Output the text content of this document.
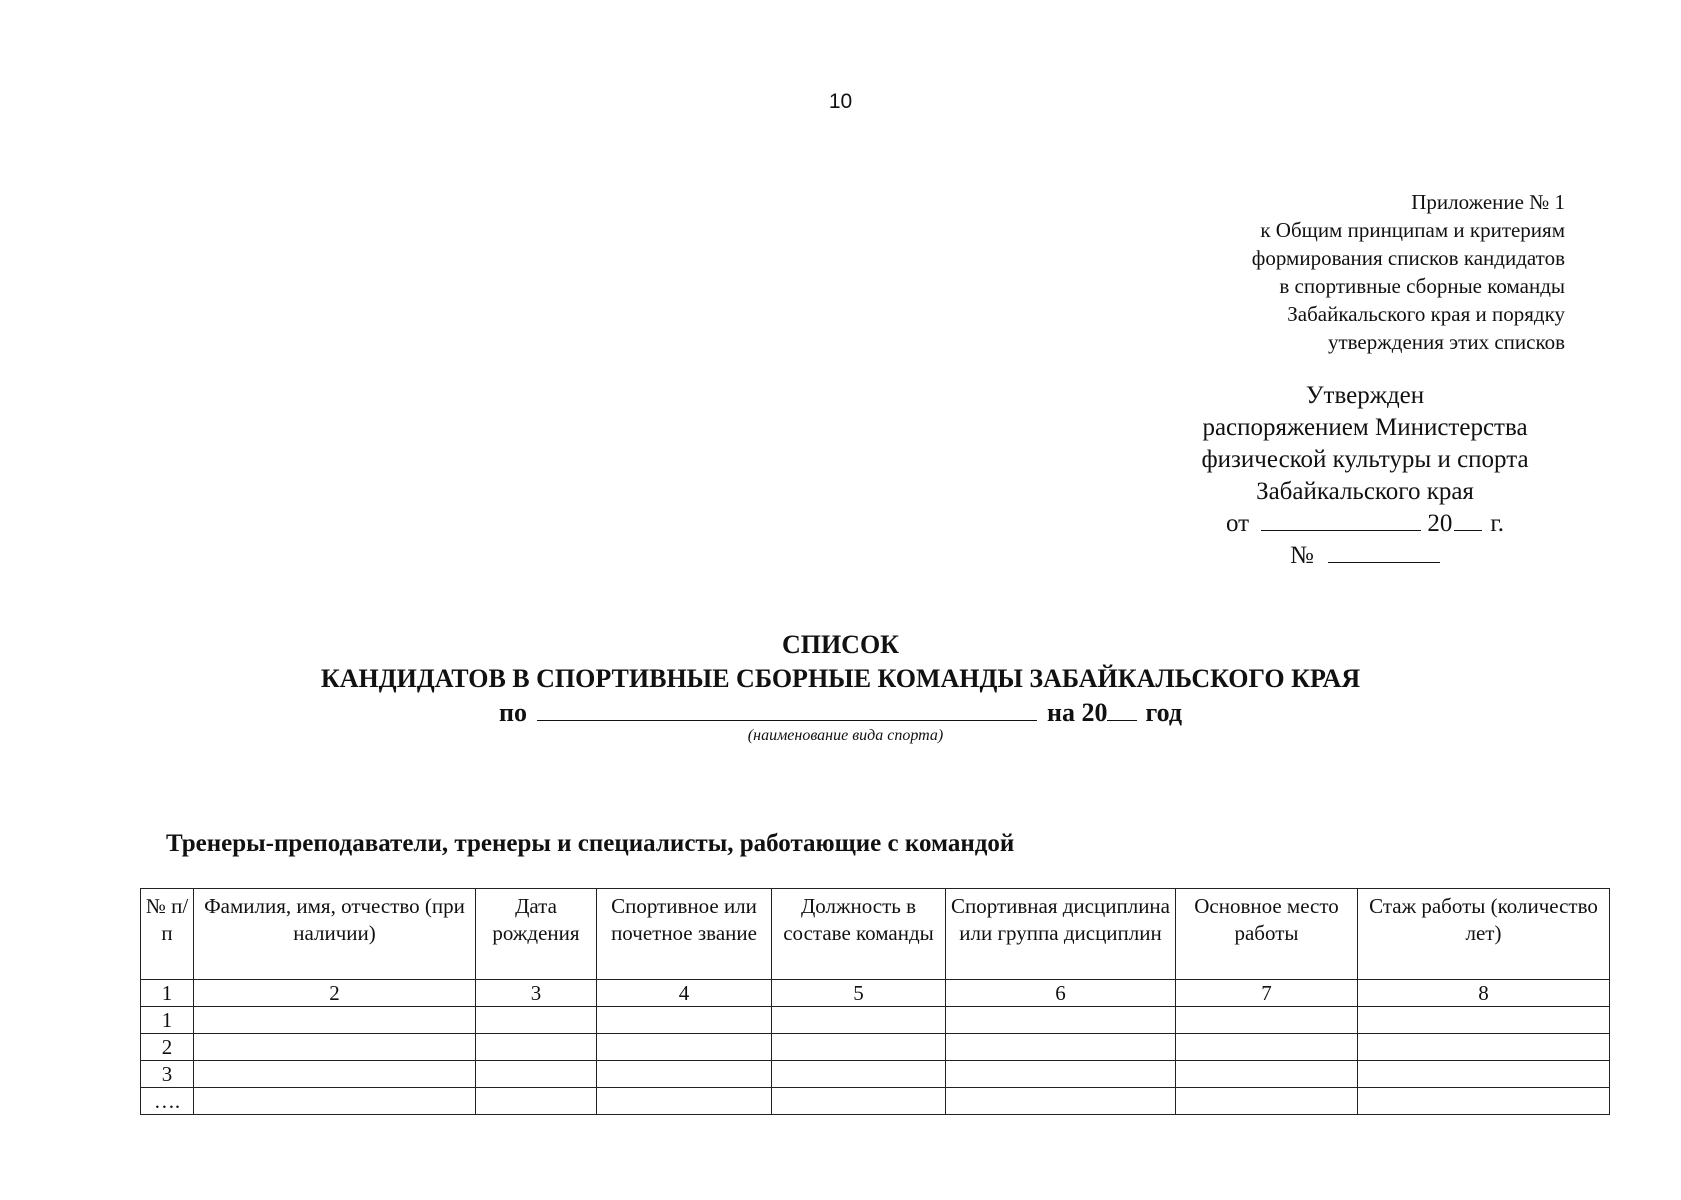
10
Приложение № 1
к Общим принципам и критериям
формирования списков кандидатов
в спортивные сборные команды
Забайкальского края и порядку
утверждения этих списков
Утвержден
распоряжением Министерства
физической культуры и спорта
Забайкальского края
от	20 г.
№
СПИСОК
КАНДИДАТОВ В СПОРТИВНЫЕ СБОРНЫЕ КОМАНДЫ ЗАБАЙКАЛЬСКОГО КРАЯ
по	на 20 год
(наименование вида спорта)
Тренеры-преподаватели, тренеры и специалисты, работающие с командой
№ п/п	Фамилия, имя, отчество (при наличии)	Дата рождения	Спортивное или почетное звание	Должность в составе команды	Спортивная дисциплина или группа дисциплин	Основное место работы	Стаж работы (количество лет)
1	2	3	4	5	6	7	8
1							
2							
3							
….							
